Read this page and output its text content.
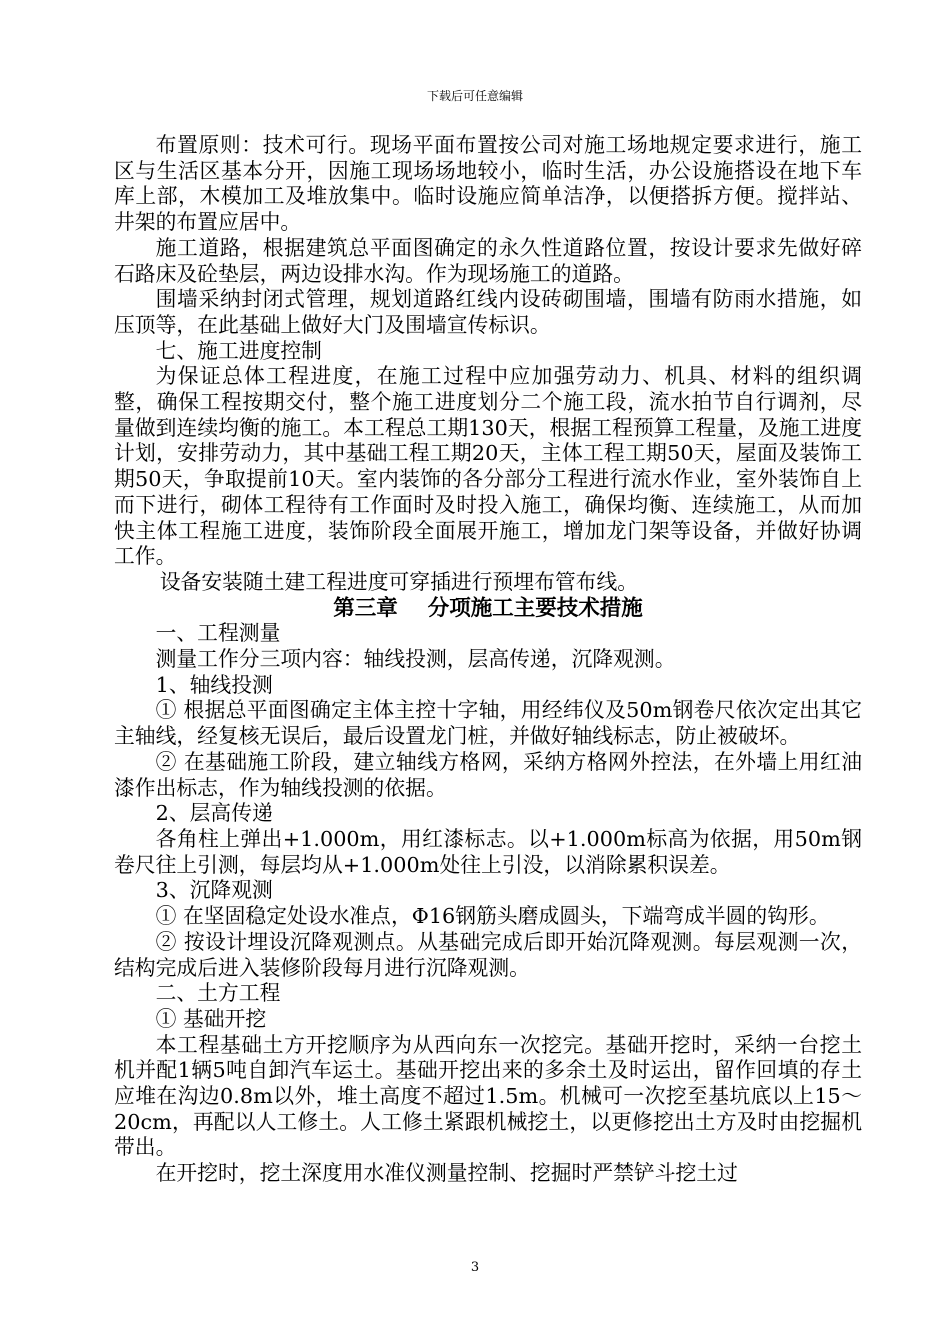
下载后可任意编辑

布置原则：技术可行。现场平面布置按公司对施工场地规定要求进行，施工区与生活区基本分开，因施工现场场地较小，临时生活，办公设施搭设在地下车库上部，木模加工及堆放集中。临时设施应简单洁净，以便搭拆方便。搅拌站、井架的布置应居中。

施工道路，根据建筑总平面图确定的永久性道路位置，按设计要求先做好碎石路床及砼垫层，两边设排水沟。作为现场施工的道路。

围墙采纳封闭式管理，规划道路红线内设砖砌围墙，围墙有防雨水措施，如压顶等，在此基础上做好大门及围墙宣传标识。

七、施工进度控制

为保证总体工程进度，在施工过程中应加强劳动力、机具、材料的组织调整，确保工程按期交付，整个施工进度划分二个施工段，流水拍节自行调剂，尽量做到连续均衡的施工。本工程总工期130天，根据工程预算工程量，及施工进度计划，安排劳动力，其中基础工程工期20天，主体工程工期50天，屋面及装饰工期50天，争取提前10天。室内装饰的各分部分工程进行流水作业，室外装饰自上而下进行，砌体工程待有工作面时及时投入施工，确保均衡、连续施工，从而加快主体工程施工进度，装饰阶段全面展开施工，增加龙门架等设备，并做好协调工作。

设备安装随土建工程进度可穿插进行预埋布管布线。

第三章    分项施工主要技术措施

一、工程测量

测量工作分三项内容：轴线投测，层高传递，沉降观测。

1、轴线投测

① 根据总平面图确定主体主控十字轴，用经纬仪及50m钢卷尺依次定出其它主轴线，经复核无误后，最后设置龙门桩，并做好轴线标志，防止被破坏。

② 在基础施工阶段，建立轴线方格网，采纳方格网外控法，在外墙上用红油漆作出标志，作为轴线投测的依据。

2、层高传递

各角柱上弹出+1.000m，用红漆标志。以+1.000m标高为依据，用50m钢卷尺往上引测，每层均从+1.000m处往上引没，以消除累积误差。

3、沉降观测

① 在坚固稳定处设水准点，Φ16钢筋头磨成圆头，下端弯成半圆的钩形。

② 按设计埋设沉降观测点。从基础完成后即开始沉降观测。每层观测一次，结构完成后进入装修阶段每月进行沉降观测。

二、土方工程

① 基础开挖

本工程基础土方开挖顺序为从西向东一次挖完。基础开挖时，采纳一台挖土机并配1辆5吨自卸汽车运土。基础开挖出来的多余土及时运出，留作回填的存土应堆在沟边0.8m以外，堆土高度不超过1.5m。机械可一次挖至基坑底以上15～20cm，再配以人工修土。人工修土紧跟机械挖土，以更修挖出土方及时由挖掘机带出。

在开挖时，挖土深度用水准仪测量控制、挖掘时严禁铲斗挖土过

3
